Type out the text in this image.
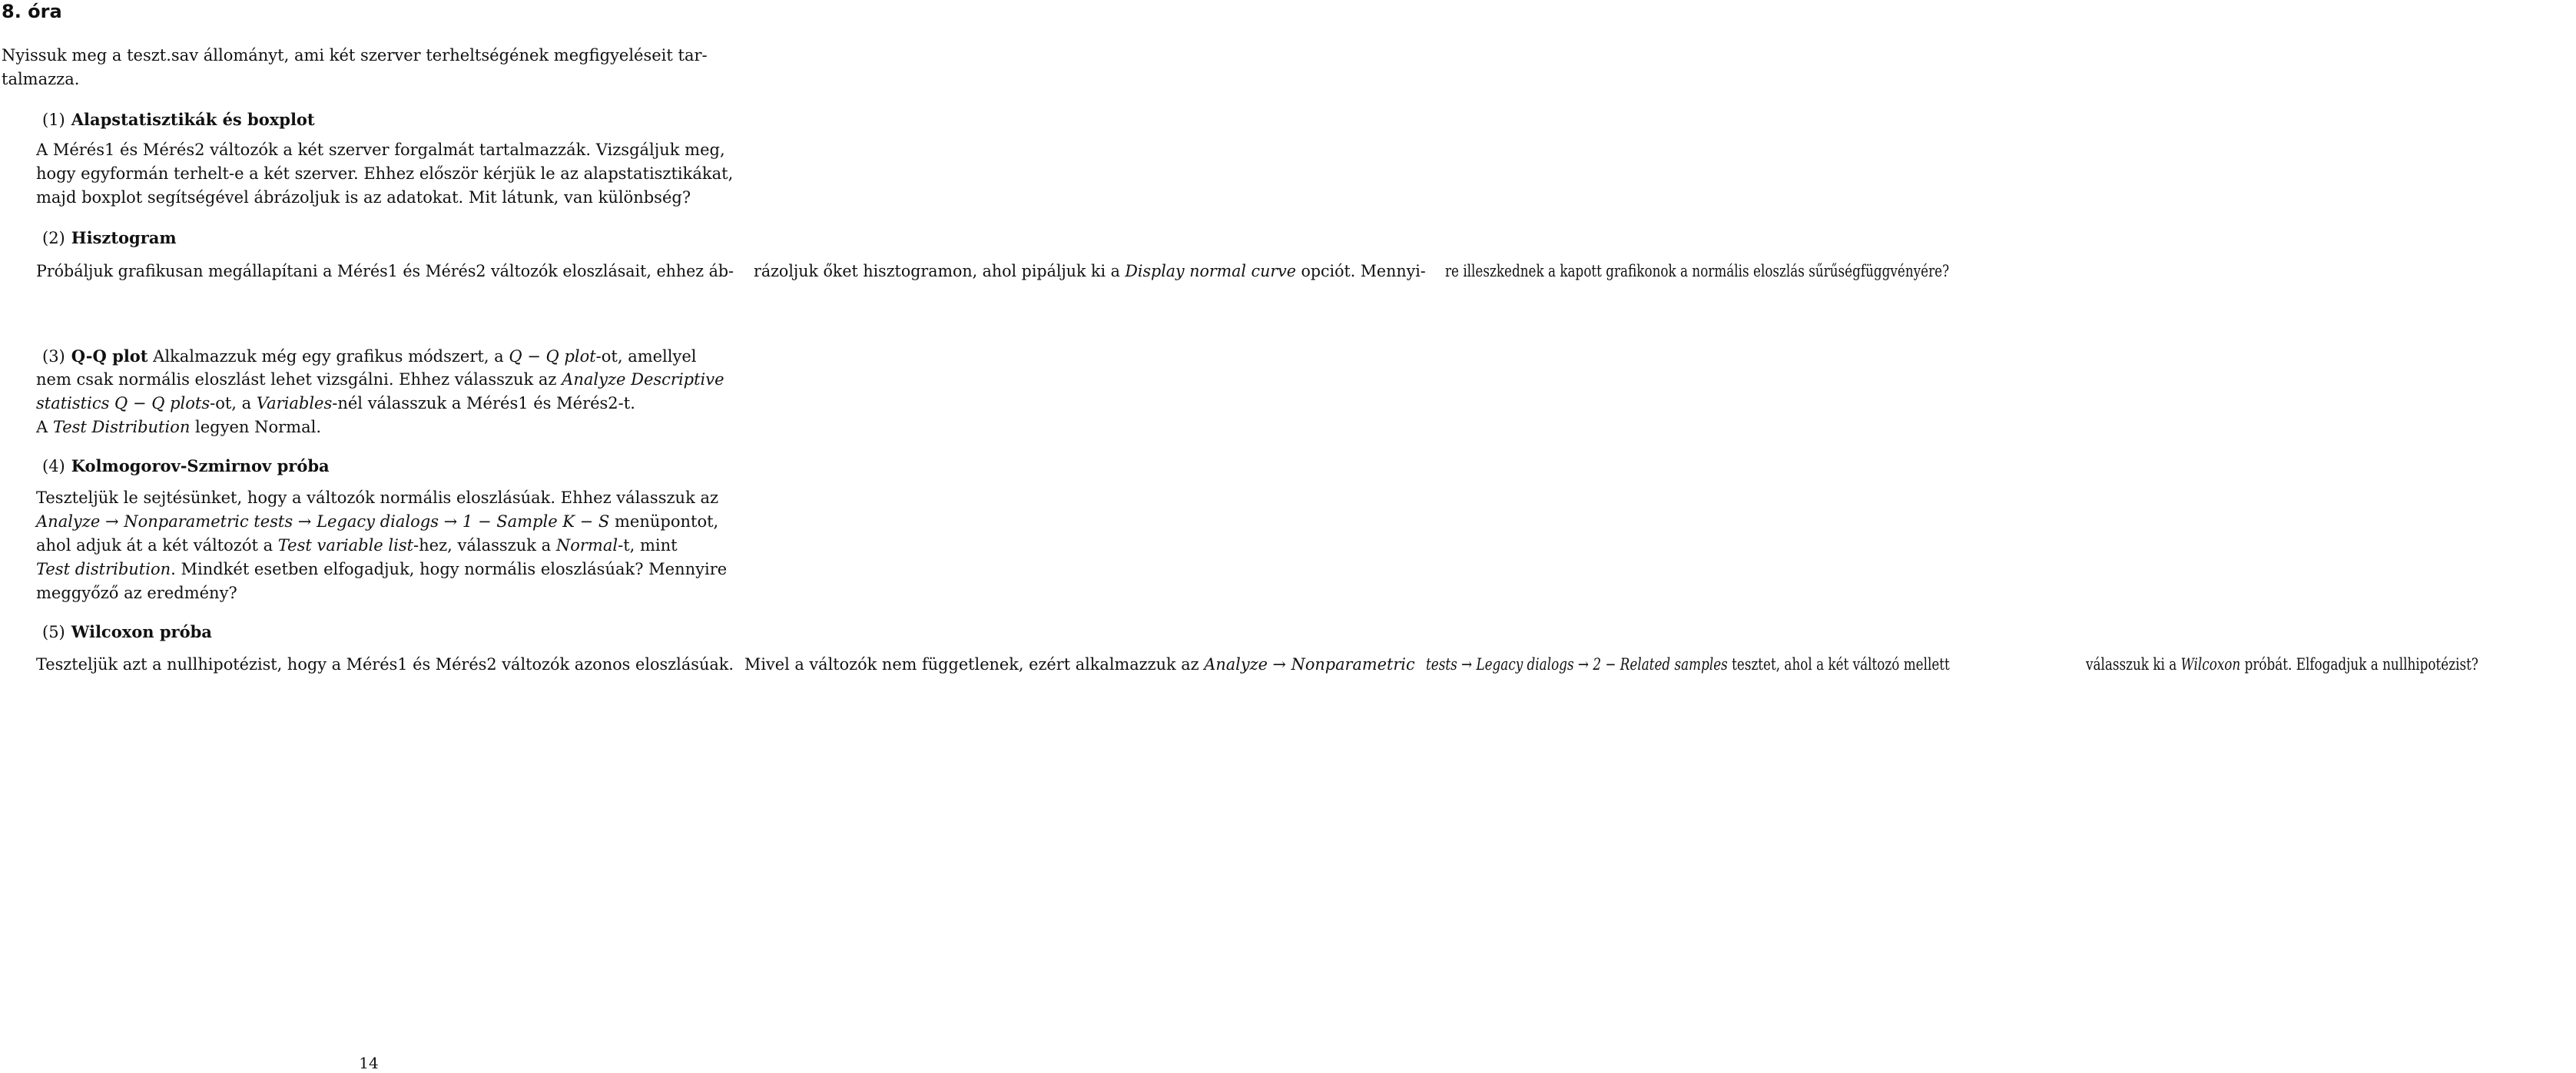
8. óra
Nyissuk meg a teszt.sav állományt, ami két szerver terheltségének megfigyeléseit tar-
talmazza.
(1) Alapstatisztikák és boxplot
A Mérés1 és Mérés2 változók a két szerver forgalmát tartalmazzák. Vizsgáljuk meg,
hogy egyformán terhelt-e a két szerver. Ehhez először kérjük le az alapstatisztikákat,
majd boxplot segítségével ábrázoljuk is az adatokat. Mit látunk, van különbség?
(2) Hisztogram
Próbáljuk grafikusan megállapítani a Mérés1 és Mérés2 változók eloszlásait, ehhez áb- rázoljuk őket hisztogramon, ahol pipáljuk ki a Display normal curve opciót. Mennyi- re illeszkednek a kapott grafikonok a normális eloszlás sűrűségfüggvényére?
(3) Q-Q plot Alkalmazzuk még egy grafikus módszert, a Q − Q plot-ot, amellyel
nem csak normális eloszlást lehet vizsgálni. Ehhez válasszuk az Analyze Descriptive
statistics Q − Q plots-ot, a Variables-nél válasszuk a Mérés1 és Mérés2-t.
A Test Distribution legyen Normal.
(4) Kolmogorov-Szmirnov próba
Teszteljük le sejtésünket, hogy a változók normális eloszlásúak. Ehhez válasszuk az
Analyze → Nonparametric tests → Legacy dialogs → 1 − Sample K − S menüpontot,
ahol adjuk át a két változót a Test variable list-hez, válasszuk a Normal-t, mint
Test distribution. Mindkét esetben elfogadjuk, hogy normális eloszlásúak? Mennyire
meggyőző az eredmény?
(5) Wilcoxon próba
Teszteljük azt a nullhipotézist, hogy a Mérés1 és Mérés2 változók azonos eloszlásúak. Mivel a változók nem függetlenek, ezért alkalmazzuk az Analyze → Nonparametric tests → Legacy dialogs → 2 − Related samples tesztet, ahol a két változó mellett	válasszuk ki a Wilcoxon próbát. Elfogadjuk a nullhipotézist?
14
